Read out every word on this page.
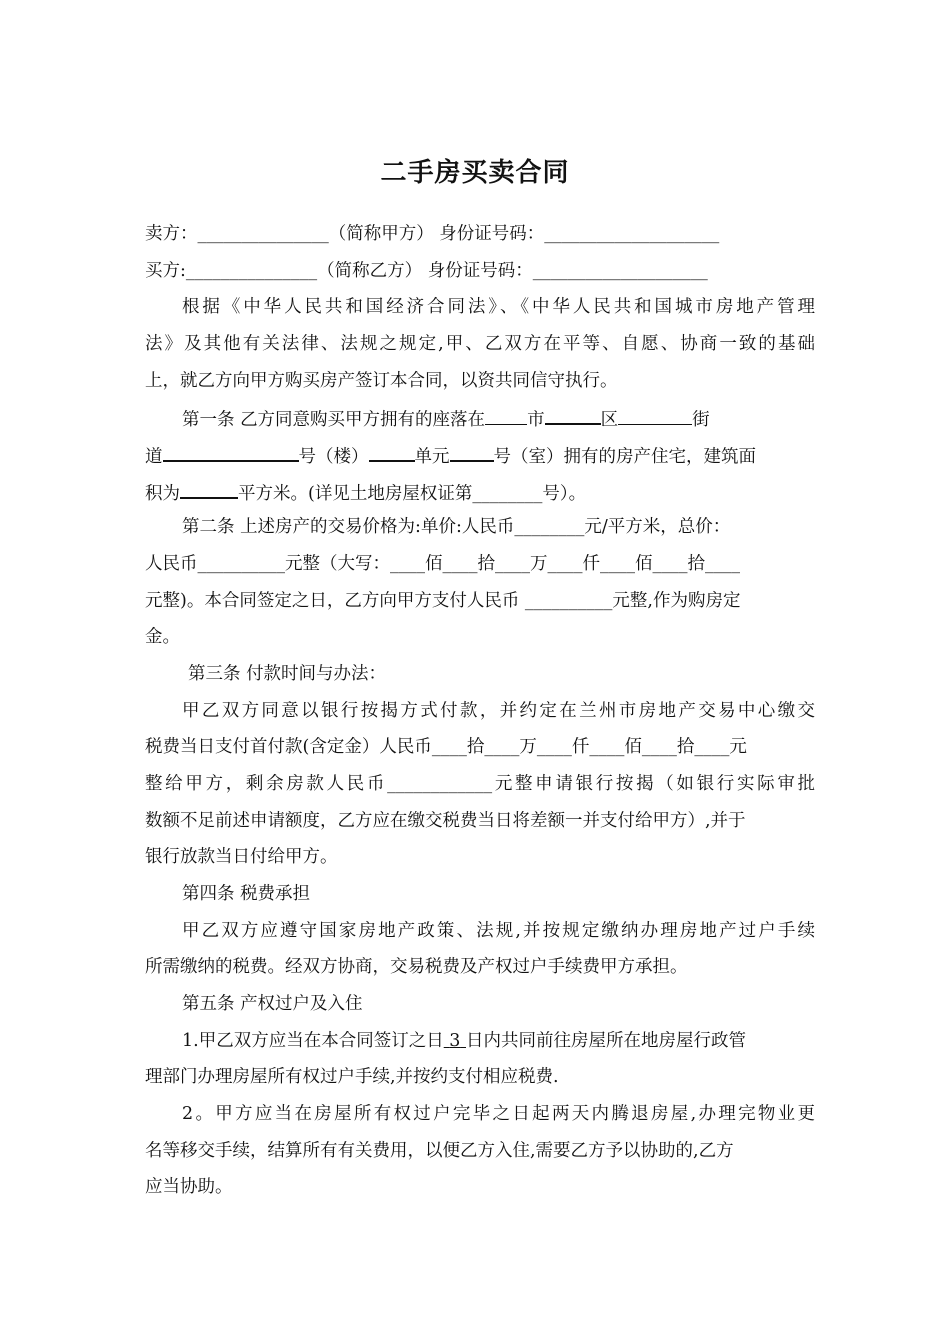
二手房买卖合同
卖方：_______________（简称甲方） 身份证号码：____________________
买方:_______________（简称乙方） 身份证号码：____________________
根据《中华人民共和国经济合同法》、《中华人民共和国城市房地产管理
法》及其他有关法律、法规之规定,甲、乙双方在平等、自愿、协商一致的基础
上，就乙方向甲方购买房产签订本合同，以资共同信守执行。
第一条 乙方同意购买甲方拥有的座落在 市	区	街
道	号（楼）	单元	号（室）拥有的房产住宅，建筑面
积为	平方米。(详见土地房屋权证第________号）。
第二条 上述房产的交易价格为:单价:人民币________元/平方米，总价：
人民币__________元整（大写：____佰____拾____万____仟____佰____拾____
元整)。本合同签定之日，乙方向甲方支付人民币 __________元整,作为购房定
金。
第三条 付款时间与办法：
甲乙双方同意以银行按揭方式付款，并约定在兰州市房地产交易中心缴交
税费当日支付首付款(含定金）人民币____拾____万____仟____佰____拾____元
整给甲方，剩余房款人民币____________元整申请银行按揭（如银行实际审批
数额不足前述申请额度，乙方应在缴交税费当日将差额一并支付给甲方）,并于
银行放款当日付给甲方。
第四条 税费承担
甲乙双方应遵守国家房地产政策、法规,并按规定缴纳办理房地产过户手续
所需缴纳的税费。经双方协商，交易税费及产权过户手续费甲方承担。
第五条 产权过户及入住
1.甲乙双方应当在本合同签订之日 3 日内共同前往房屋所在地房屋行政管
理部门办理房屋所有权过户手续,并按约支付相应税费.
2。甲方应当在房屋所有权过户完毕之日起两天内腾退房屋,办理完物业更
名等移交手续，结算所有有关费用，以便乙方入住,需要乙方予以协助的,乙方
应当协助。
